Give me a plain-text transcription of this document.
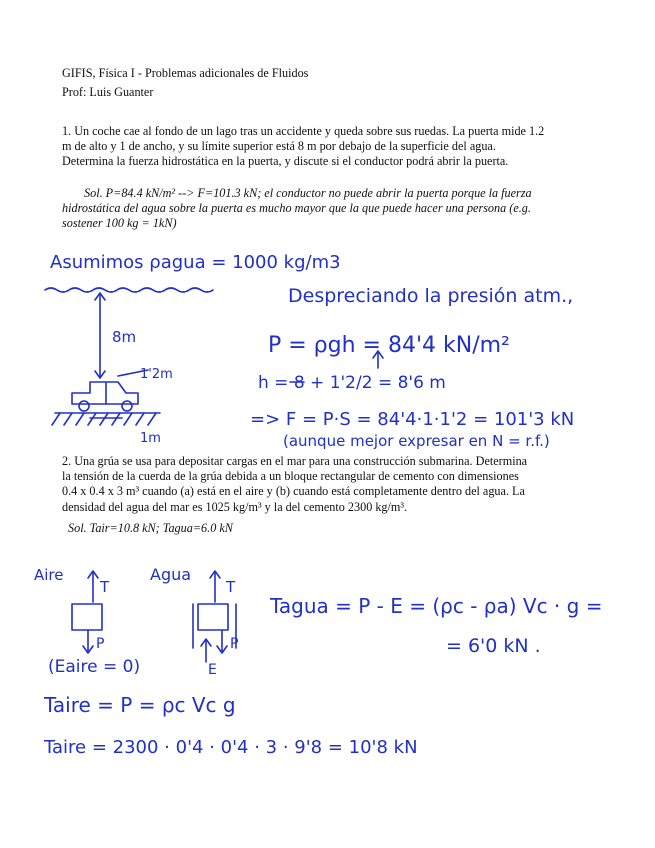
GIFIS, Física I - Problemas adicionales de Fluidos
Prof: Luis Guanter
1. Un coche cae al fondo de un lago tras un accidente y queda sobre sus ruedas. La puerta mide 1.2
m de alto y 1 de ancho, y su límite superior está 8 m por debajo de la superficie del agua.
Determina la fuerza hidrostática en la puerta, y discute si el conductor podrá abrir la puerta.
Sol. P=84.4 kN/m² --> F=101.3 kN; el conductor no puede abrir la puerta porque la fuerza
hidrostática del agua sobre la puerta es mucho mayor que la que puede hacer una persona (e.g.
sostener 100 kg = 1kN)
2. Una grúa se usa para depositar cargas en el mar para una construcción submarina. Determina
la tensión de la cuerda de la grúa debida a un bloque rectangular de cemento con dimensiones
0.4 x 0.4 x 3 m³ cuando (a) está en el aire y (b) cuando está completamente dentro del agua. La
densidad del agua del mar es 1025 kg/m³ y la del cemento 2300 kg/m³.
Sol. Tair=10.8 kN; Tagua=6.0 kN
Asumimos ρagua = 1000 kg/m3
Despreciando la presión atm.,
P = ρgh = 84'4 kN/m²
8m
1'2m	h = 8 + 1'2/2 = 8'6 m
=> F = P·S = 84'4·1·1'2 = 101'3 kN
(aunque mejor expresar en N = r.f.)
1m
Aire	Agua
T	T
P	P
E
Tagua = P - E = (ρc - ρa) Vc · g =
= 6'0 kN .
(Eaire = 0)
Taire = P = ρc Vc g
Taire = 2300 · 0'4 · 0'4 · 3 · 9'8 = 10'8 kN
